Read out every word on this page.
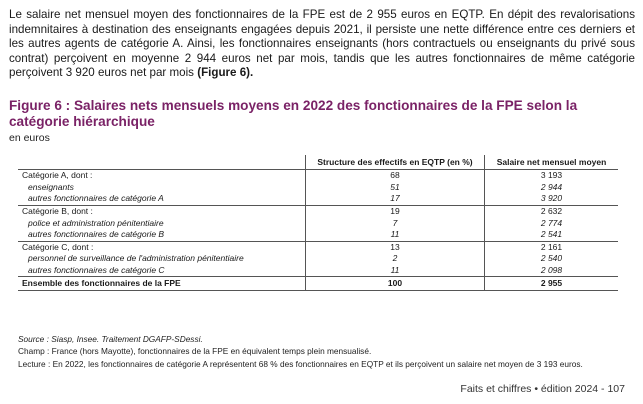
Le salaire net mensuel moyen des fonctionnaires de la FPE est de 2 955 euros en EQTP. En dépit des revalorisations indemnitaires à destination des enseignants engagées depuis 2021, il persiste une nette différence entre ces derniers et les autres agents de catégorie A. Ainsi, les fonctionnaires enseignants (hors contractuels ou enseignants du privé sous contrat) perçoivent en moyenne 2 944 euros net par mois, tandis que les autres fonctionnaires de même catégorie perçoivent 3 920 euros net par mois (Figure 6).

Figure 6 : Salaires nets mensuels moyens en 2022 des fonctionnaires de la FPE selon la catégorie hiérarchique
en euros
	Structure des effectifs en EQTP (en %)	Salaire net mensuel moyen
Catégorie A, dont :	68	3 193
enseignants	51	2 944
autres fonctionnaires de catégorie A	17	3 920
Catégorie B, dont :	19	2 632
police et administration pénitentiaire	7	2 774
autres fonctionnaires de catégorie B	11	2 541
Catégorie C, dont :	13	2 161
personnel de surveillance de l'administration pénitentiaire	2	2 540
autres fonctionnaires de catégorie C	11	2 098
Ensemble des fonctionnaires de la FPE	100	2 955
Source : Siasp, Insee. Traitement DGAFP-SDessi.
Champ : France (hors Mayotte), fonctionnaires de la FPE en équivalent temps plein mensualisé.
Lecture : En 2022, les fonctionnaires de catégorie A représentent 68 % des fonctionnaires en EQTP et ils perçoivent un salaire net moyen de 3 193 euros.
Faits et chiffres • édition 2024 - 107
